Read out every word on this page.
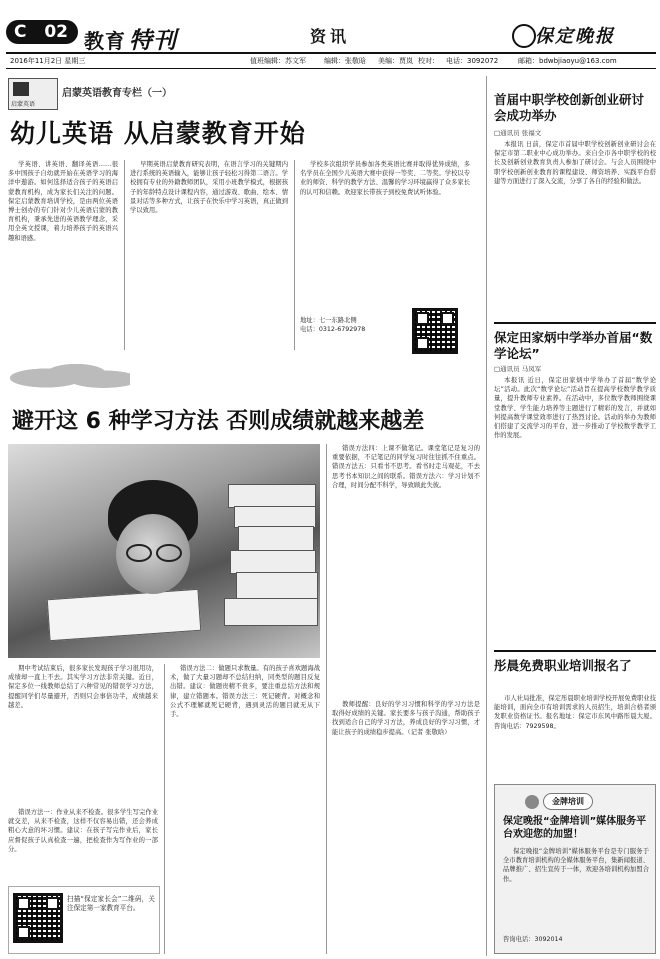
C 02 教育 特刊	资讯	保定晚报
2016年11月2日 星期三	值班编辑：苏文军	编辑：张敬晗 美编：贾岚 校对： 电话：3092072	邮箱：bdwbjiaoyu@163.com
启蒙英语
启蒙英语教育专栏（一）
幼儿英语 从启蒙教育开始

学英语、讲英语、翻译英语……很多中国孩子自幼就开始在英语学习的海洋中遨游。如何选择适合孩子的英语启蒙教育机构，成为家长们关注的问题。保定启蒙教育培训学校，是由两位英语博士创办的专门针对少儿英语启蒙的教育机构，秉承先进的英语教学理念，采用全英文授课，着力培养孩子的英语兴趣和语感。

早期英语启蒙教育研究表明，在语言学习的关键期内进行系统的英语输入，能够让孩子轻松习得第二语言。学校拥有专业的外籍教师团队，采用小班教学模式，根据孩子的年龄特点设计课程内容，通过游戏、歌曲、绘本、情景对话等多种方式，让孩子在快乐中学习英语，真正做到学以致用。

学校多次组织学员参加各类英语比赛并取得优异成绩，多名学员在全国少儿英语大赛中获得一等奖、二等奖。学校以专业的师资、科学的教学方法、温馨的学习环境赢得了众多家长的认可和信赖。欢迎家长带孩子到校免费试听体验。

地址：七一东路北侧
电话：0312-6792978
避开这 6 种学习方法 否则成绩就越来越差

期中考试结束后，很多家长发现孩子学习很用功，成绩却一直上不去。其实学习方法非常关键。近日，保定多位一线教师总结了六种常见的错误学习方法，提醒同学们尽量避开，否则只会事倍功半，成绩越来越差。

错误方法一：作业从来不检查。很多学生写完作业就交差，从来不检查，这样不仅容易出错，还会养成粗心大意的坏习惯。建议：在孩子写完作业后，家长应督促孩子认真检查一遍，把检查作为写作业的一部分。

错误方法二：做题只求数量。有的孩子喜欢题海战术，做了大量习题却不总结归纳，同类型的题目反复出错。建议：做题贵精不贵多，要注重总结方法和规律，建立错题本。错误方法三：死记硬背。对概念和公式不理解就死记硬背，遇到灵活的题目就无从下手。

错误方法四：上课不做笔记。课堂笔记是复习的重要依据，不记笔记的同学复习时往往抓不住重点。错误方法五：只看书不思考。看书时走马观花，不去思考书本知识之间的联系。错误方法六：学习计划不合理，时间分配不科学，导致顾此失彼。

教师提醒：良好的学习习惯和科学的学习方法是取得好成绩的关键。家长要多与孩子沟通，帮助孩子找到适合自己的学习方法，养成良好的学习习惯，才能让孩子的成绩稳步提高。（记者 张敬晗）

扫描“保定家长会”二维码，关注保定第一家教育平台。
首届中职学校创新创业研讨会成功举办
□通讯员 张福文

本报讯 日前，保定市首届中职学校创新创业研讨会在保定市第二职业中心成功举办。来自全市各中职学校的校长及创新创业教育负责人参加了研讨会。与会人员围绕中职学校创新创业教育的课程建设、师资培养、实践平台搭建等方面进行了深入交流，分享了各自的经验和做法。

保定田家炳中学举办首届“数学论坛”
□通讯员 马凤军

本报讯 近日，保定田家炳中学举办了首届“数学论坛”活动。此次“数学论坛”活动旨在提高学校数学教学质量，提升教师专业素养。在活动中，多位数学教师围绕课堂教学、学生能力培养等主题进行了精彩的发言，并就如何提高数学课堂效率进行了热烈讨论。活动的举办为教师们搭建了交流学习的平台，进一步推动了学校数学教学工作的发展。

彤晨免费职业培训报名了

市人社局批准，保定彤晨职业培训学校开展免费职业技能培训，面向全市有培训需求的人员招生，培训合格者颁发职业资格证书。报名地址：保定市东风中路彤晨大厦。咨询电话：7929598。

金牌培训
保定晚报“金牌培训”媒体服务平台欢迎您的加盟！

保定晚报“金牌培训”媒体服务平台是专门服务于全市教育培训机构的全媒体服务平台，集新闻报道、品牌推广、招生宣传于一体，欢迎各培训机构加盟合作。

咨询电话：3092014
